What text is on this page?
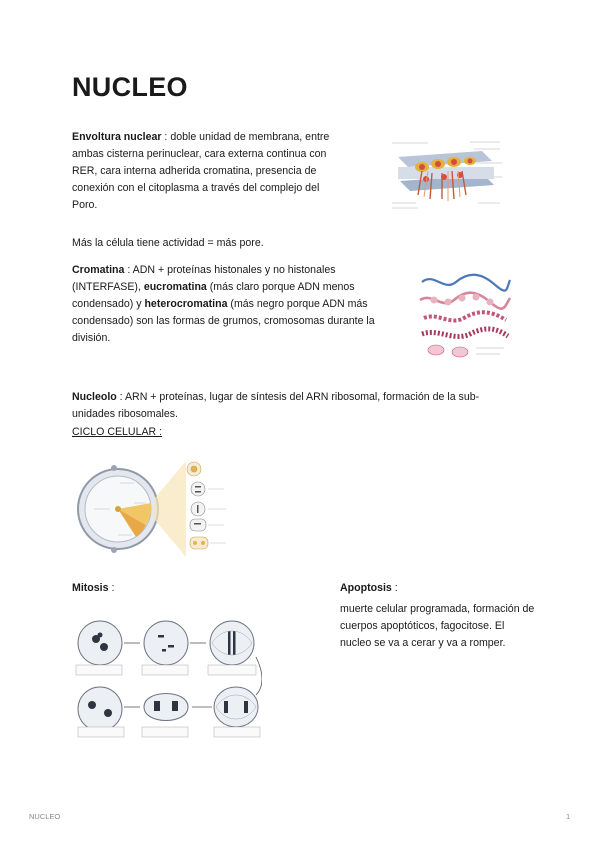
NUCLEO

Envoltura nuclear : doble unidad de membrana, entre ambas cisterna perinuclear, cara externa continua con RER, cara interna adherida cromatina, presencia de conexión con el citoplasma a través del complejo del Poro.

Más la célula tiene actividad = más pore.

Cromatina : ADN + proteínas histonales y no histonales (INTERFASE), eucromatina (más claro porque ADN menos condensado) y heterocromatina (más negro porque ADN más condensado) son las formas de grumos, cromosomas durante la división.

Nucleolo : ARN + proteínas, lugar de síntesis del ARN ribosomal, formación de la sub-unidades ribosomales.

CICLO CELULAR :

Mitosis :	Apoptosis :

muerte celular programada, formación de cuerpos apoptóticos, fagocitose. El nucleo se va a cerar y va a romper.

NUCLEO	1
